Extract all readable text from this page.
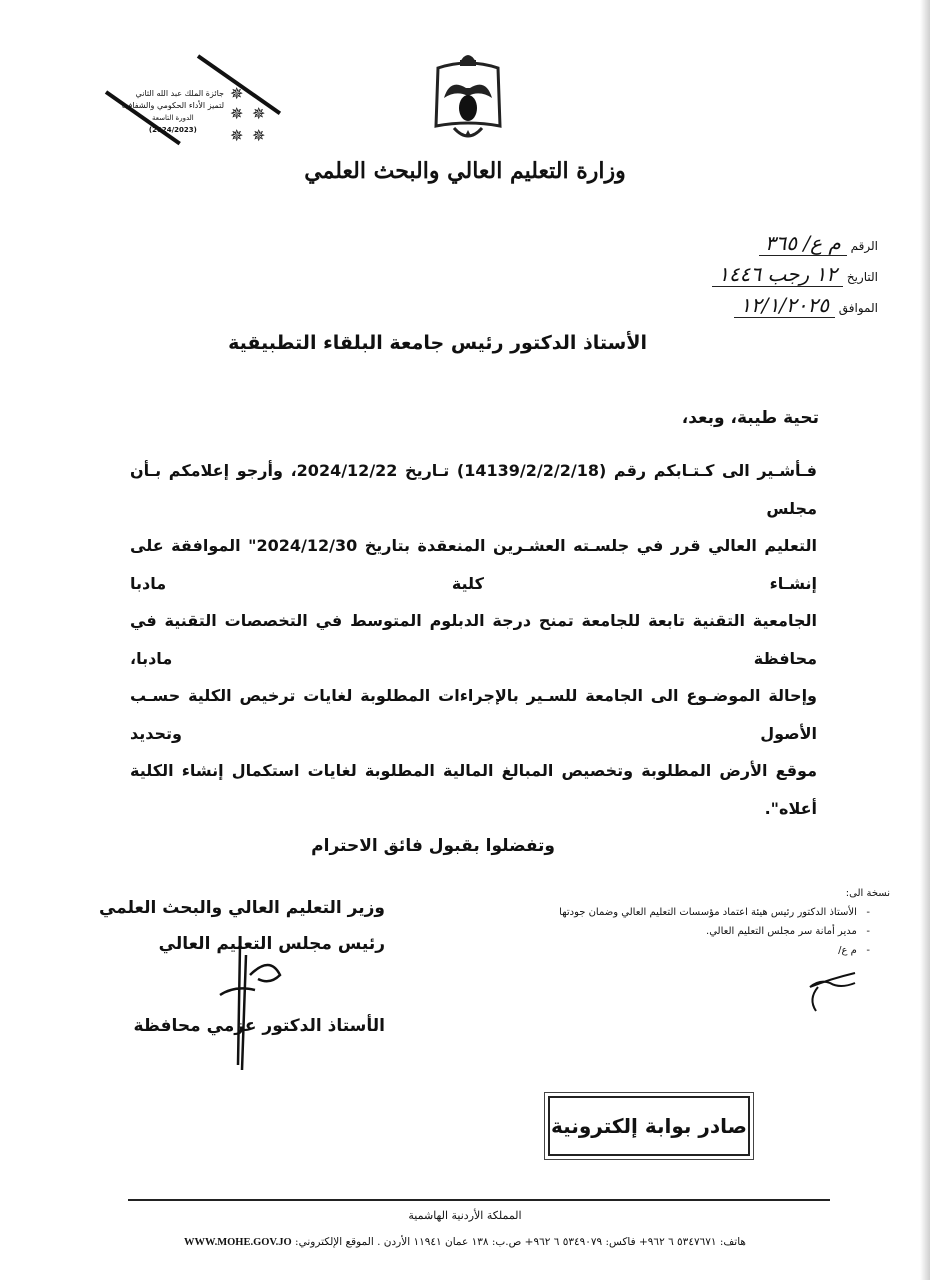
✵
✵ ✵
✵ ✵
جائزة الملك عبد الله الثاني
لتميز الأداء الحكومي والشفافية
الدورة التاسعة
(2024/2023)
وزارة التعليم العالي والبحث العلمي
الرقم م ع/ ٣٦٥
التاريخ ١٢ رجب ١٤٤٦
الموافق ١٢/١/٢٠٢٥
الأستاذ الدكتور رئيس جامعة البلقاء التطبيقية
تحية طيبة، وبعد،

فـأشـير الى كـتـابكم رقم (14139/2/2/2/18) تـاريخ 2024/12/22، وأرجو إعلامكم بـأن مجلس

التعليم العالي قرر في جلسـته العشـرين المنعقدة بتاريخ 2024/12/30" الموافقة على إنشـاء كلية مادبا

الجامعية التقنية تابعة للجامعة تمنح درجة الدبلوم المتوسط في التخصصات التقنية في محافظة مادبا،

وإحالة الموضـوع الى الجامعة للسـير بالإجراءات المطلوبة لغايات ترخيص الكلية حسـب الأصول وتحديد

موقع الأرض المطلوبة وتخصيص المبالغ المالية المطلوبة لغايات استكمال إنشاء الكلية أعلاه".

وتفضلوا بقبول فائق الاحترام
وزير التعليم العالي والبحث العلمي
رئيس مجلس التعليم العالي
الأستاذ الدكتور عزمي محافظة
نسخة الى:
-   الأستاذ الدكتور رئيس هيئة اعتماد مؤسسات التعليم العالي وضمان جودتها
-   مدير أمانة سر مجلس التعليم العالي.
-   م ع/
صادر بوابة إلكترونية
المملكة الأردنية الهاشمية
هاتف: ٥٣٤٧٦٧١ ٦ ٩٦٢+ فاكس: ٥٣٤٩٠٧٩ ٦ ٩٦٢+ ص.ب: ١٣٨ عمان ١١٩٤١ الأردن . الموقع الإلكتروني: WWW.MOHE.GOV.JO
